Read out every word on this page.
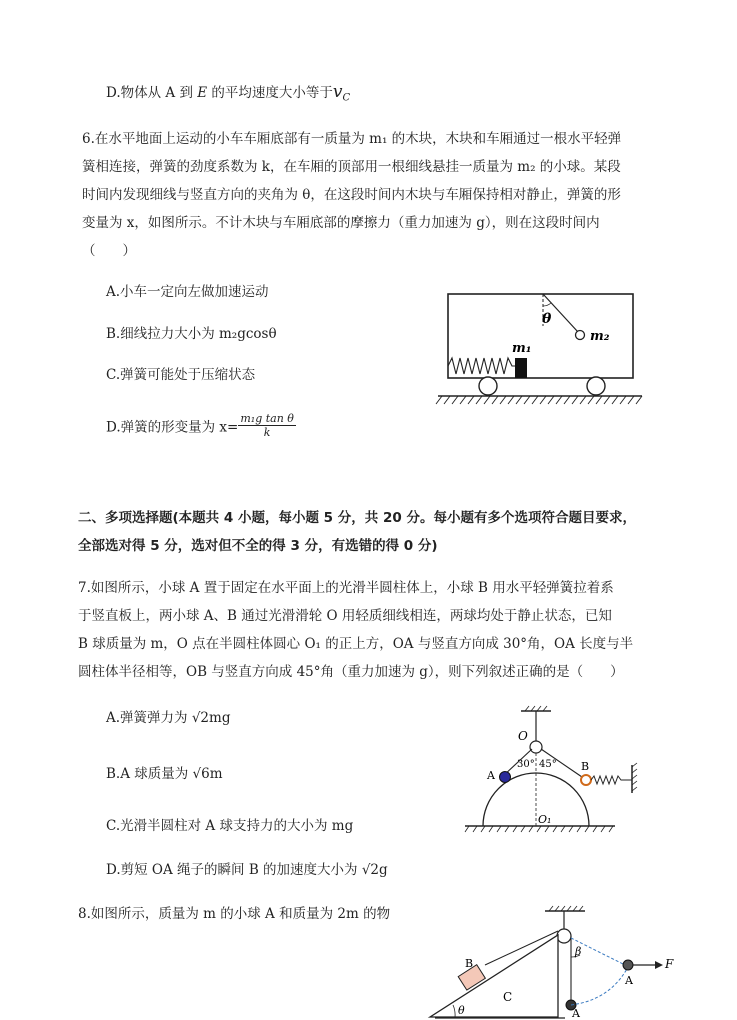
D.物体从 A 到 E 的平均速度大小等于$v_C$
6.在水平地面上运动的小车车厢底部有一质量为 m₁ 的木块，木块和车厢通过一根水平轻弹
簧相连接，弹簧的劲度系数为 k，在车厢的顶部用一根细线悬挂一质量为 m₂ 的小球。某段
时间内发现细线与竖直方向的夹角为 θ，在这段时间内木块与车厢保持相对静止，弹簧的形
变量为 x，如图所示。不计木块与车厢底部的摩擦力（重力加速为 g），则在这段时间内
（　　）
A.小车一定向左做加速运动
B.细线拉力大小为 m₂gcosθ
C.弹簧可能处于压缩状态
D.弹簧的形变量为 $x= \frac{\text{m₁g tan θ}}{k}$
θ
m₂
m₁
二、多项选择题(本题共 4 小题，每小题 5 分，共 20 分。每小题有多个选项符合题目要求，
全部选对得 5 分，选对但不全的得 3 分，有选错的得 0 分)
7.如图所示，小球 A 置于固定在水平面上的光滑半圆柱体上，小球 B 用水平轻弹簧拉着系
于竖直板上，两小球 A、B 通过光滑滑轮 O 用轻质细线相连，两球均处于静止状态，已知
B 球质量为 m，O 点在半圆柱体圆心 O₁ 的正上方，OA 与竖直方向成 30°角，OA 长度与半
圆柱体半径相等，OB 与竖直方向成 45°角（重力加速为 g），则下列叙述正确的是（　　）
A.弹簧弹力为 √2mg
B.A 球质量为 √6m
C.光滑半圆柱对 A 球支持力的大小为 mg
D.剪短 OA 绳子的瞬间 B 的加速度大小为 √2g
O
30° 45°
A
B
O₁
8.如图所示，质量为 m 的小球 A 和质量为 2m 的物
θ
C
B
A
β
A
F
